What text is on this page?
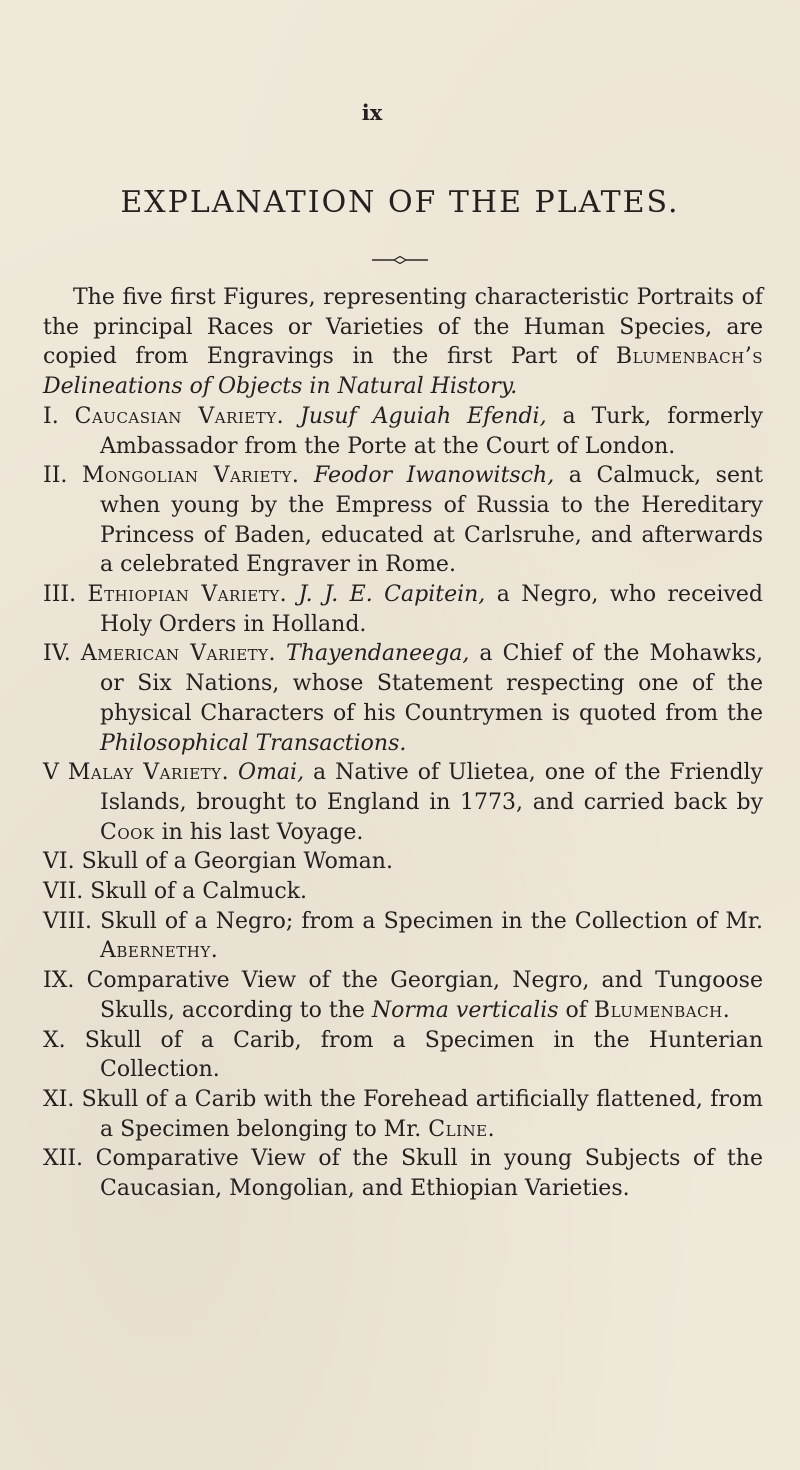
ix
EXPLANATION OF THE PLATES.

The five first Figures, representing characteristic Portraits of the principal Races or Varieties of the Human Species, are copied from Engravings in the first Part of Blumenbach’s Delineations of Objects in Natural History.

I. Caucasian Variety. Jusuf Aguiah Efendi, a Turk, formerly Ambassador from the Porte at the Court of London.

II. Mongolian Variety. Feodor Iwanowitsch, a Calmuck, sent when young by the Empress of Russia to the Hereditary Princess of Baden, educated at Carlsruhe, and afterwards a celebrated Engraver in Rome.

III. Ethiopian Variety. J. J. E. Capitein, a Negro, who received Holy Orders in Holland.

IV. American Variety. Thayendaneega, a Chief of the Mohawks, or Six Nations, whose Statement respecting one of the physical Characters of his Countrymen is quoted from the Philosophical Transactions.

V Malay Variety. Omai, a Native of Ulietea, one of the Friendly Islands, brought to England in 1773, and carried back by Cook in his last Voyage.

VI. Skull of a Georgian Woman.

VII. Skull of a Calmuck.

VIII. Skull of a Negro; from a Specimen in the Collection of Mr. Abernethy.

IX. Comparative View of the Georgian, Negro, and Tungoose Skulls, according to the Norma verticalis of Blumenbach.

X. Skull of a Carib, from a Specimen in the Hunterian Collection.

XI. Skull of a Carib with the Forehead artificially flattened, from a Specimen belonging to Mr. Cline.

XII. Comparative View of the Skull in young Subjects of the Caucasian, Mongolian, and Ethiopian Varieties.
